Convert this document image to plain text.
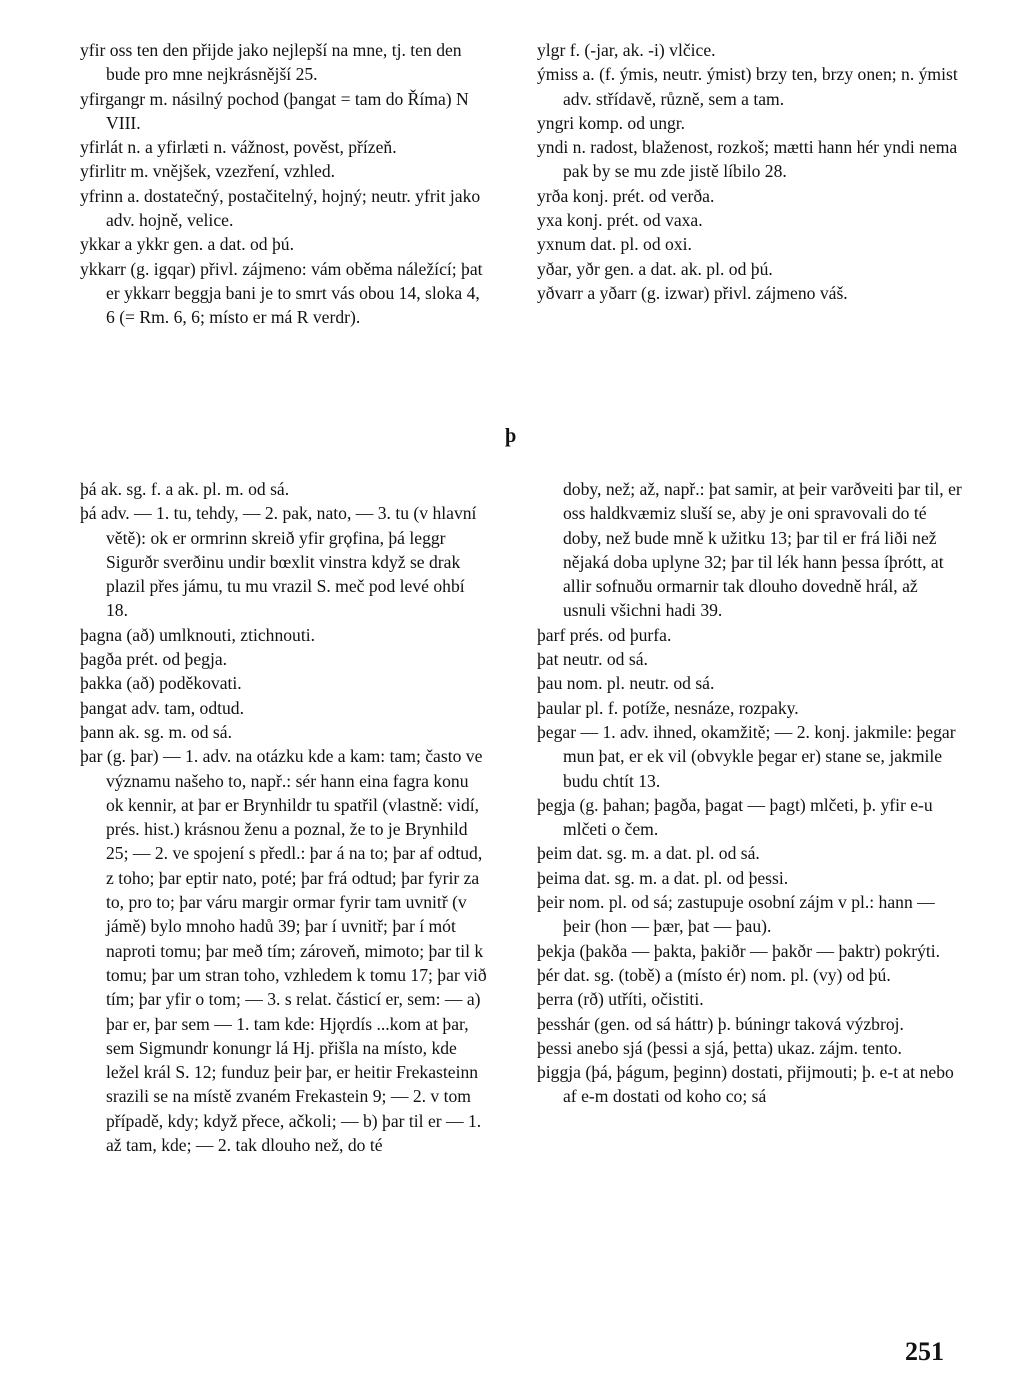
yfir oss ten den přijde jako nejlepší na mne, tj. ten den bude pro mne nejkrásnější 25.

yfirgangr m. násilný pochod (þangat = tam do Říma) N VIII.

yfirlát n. a yfirlæti n. vážnost, pověst, přízeň.

yfirlitr m. vnějšek, vzezření, vzhled.

yfrinn a. dostatečný, postačitelný, hojný; neutr. yfrit jako adv. hojně, velice.

ykkar a ykkr gen. a dat. od þú.

ykkarr (g. igqar) přivl. zájmeno: vám oběma náležící; þat er ykkarr beggja bani je to smrt vás obou 14, sloka 4, 6 (= Rm. 6, 6; místo er má R verdr).

ylgr f. (-jar, ak. -i) vlčice.

ýmiss a. (f. ýmis, neutr. ýmist) brzy ten, brzy onen; n. ýmist adv. střídavě, různě, sem a tam.

yngri komp. od ungr.

yndi n. radost, blaženost, rozkoš; mætti hann hér yndi nema pak by se mu zde jistě líbilo 28.

yrða konj. prét. od verða.

yxa konj. prét. od vaxa.

yxnum dat. pl. od oxi.

yðar, yðr gen. a dat. ak. pl. od þú.

yðvarr a yðarr (g. izwar) přivl. zájmeno váš.

þ

þá ak. sg. f. a ak. pl. m. od sá.

þá adv. — 1. tu, tehdy, — 2. pak, nato, — 3. tu (v hlavní větě): ok er ormrinn skreið yfir grǫfina, þá leggr Sigurðr sverðinu undir bœxlit vinstra když se drak plazil přes jámu, tu mu vrazil S. meč pod levé ohbí 18.

þagna (að) umlknouti, ztichnouti.

þagða prét. od þegja.

þakka (að) poděkovati.

þangat adv. tam, odtud.

þann ak. sg. m. od sá.

þar (g. þar) — 1. adv. na otázku kde a kam: tam; často ve významu našeho to, např.: sér hann eina fagra konu ok kennir, at þar er Brynhildr tu spatřil (vlastně: vidí, prés. hist.) krásnou ženu a poznal, že to je Brynhild 25; — 2. ve spojení s předl.: þar á na to; þar af odtud, z toho; þar eptir nato, poté; þar frá odtud; þar fyrir za to, pro to; þar váru margir ormar fyrir tam uvnitř (v jámě) bylo mnoho hadů 39; þar í uvnitř; þar í mót naproti tomu; þar með tím; zároveň, mimoto; þar til k tomu; þar um stran toho, vzhledem k tomu 17; þar við tím; þar yfir o tom; — 3. s relat. částicí er, sem: — a) þar er, þar sem — 1. tam kde: Hjǫrdís ...kom at þar, sem Sigmundr konungr lá Hj. přišla na místo, kde ležel král S. 12; funduz þeir þar, er heitir Frekasteinn srazili se na místě zvaném Frekastein 9; — 2. v tom případě, kdy; když přece, ačkoli; — b) þar til er — 1. až tam, kde; — 2. tak dlouho než, do té

doby, než; až, např.: þat samir, at þeir varðveiti þar til, er oss haldkvæmiz sluší se, aby je oni spravovali do té doby, než bude mně k užitku 13; þar til er frá liði než nějaká doba uplyne 32; þar til lék hann þessa íþrótt, at allir sofnuðu ormarnir tak dlouho dovedně hrál, až usnuli všichni hadi 39.

þarf prés. od þurfa.

þat neutr. od sá.

þau nom. pl. neutr. od sá.

þaular pl. f. potíže, nesnáze, rozpaky.

þegar — 1. adv. ihned, okamžitě; — 2. konj. jakmile: þegar mun þat, er ek vil (obvykle þegar er) stane se, jakmile budu chtít 13.

þegja (g. þahan; þagða, þagat — þagt) mlčeti, þ. yfir e-u mlčeti o čem.

þeim dat. sg. m. a dat. pl. od sá.

þeima dat. sg. m. a dat. pl. od þessi.

þeir nom. pl. od sá; zastupuje osobní zájm v pl.: hann — þeir (hon — þær, þat — þau).

þekja (þakða — þakta, þakiðr — þakðr — þaktr) pokrýti.

þér dat. sg. (tobě) a (místo ér) nom. pl. (vy) od þú.

þerra (rð) utříti, očistiti.

þesshár (gen. od sá háttr) þ. búningr taková výzbroj.

þessi anebo sjá (þessi a sjá, þetta) ukaz. zájm. tento.

þiggja (þá, þágum, þeginn) dostati, přijmouti; þ. e-t at nebo af e-m dostati od koho co; sá

251
